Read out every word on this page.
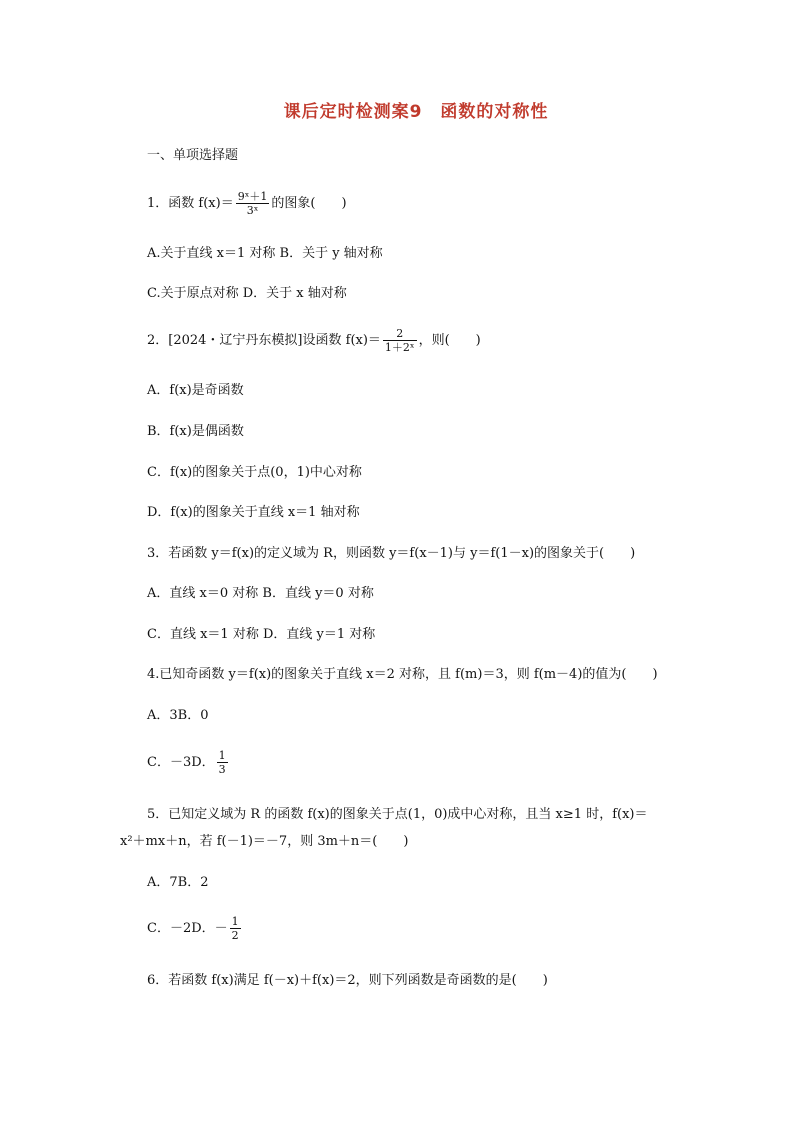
课后定时检测案9　函数的对称性
一、单项选择题
1．函数 $f(x)= \frac{\text{9ˣ＋1}}{\text{3ˣ}}$ 的图象(　　)
A.关于直线 x＝1 对称 B．关于 y 轴对称
C.关于原点对称 D．关于 x 轴对称
2．[2024・辽宁丹东模拟]设函数 $f(x)= \frac{2}{\text{1＋2ˣ}}$ ，则(　　)
A．f(x)是奇函数
B．f(x)是偶函数
C．f(x)的图象关于点(0，1)中心对称
D．f(x)的图象关于直线 x＝1 轴对称
3．若函数 y＝f(x)的定义域为 R，则函数 y＝f(x－1)与 y＝f(1－x)的图象关于(　　)
A．直线 x＝0 对称 B．直线 y＝0 对称
C．直线 x＝1 对称 D．直线 y＝1 对称
4.已知奇函数 y＝f(x)的图象关于直线 x＝2 对称，且 f(m)＝3，则 f(m－4)的值为(　　)
A．3B．0
C．－3D． $\frac{1}{3}$
5．已知定义域为 R 的函数 f(x)的图象关于点(1，0)成中心对称，且当 x≥1 时，f(x)＝
x²＋mx＋n，若 f(－1)＝－7，则 3m＋n＝(　　)
A．7B．2
C．－2D．－ $\frac{1}{2}$
6．若函数 f(x)满足 f(－x)＋f(x)＝2，则下列函数是奇函数的是(　　)
